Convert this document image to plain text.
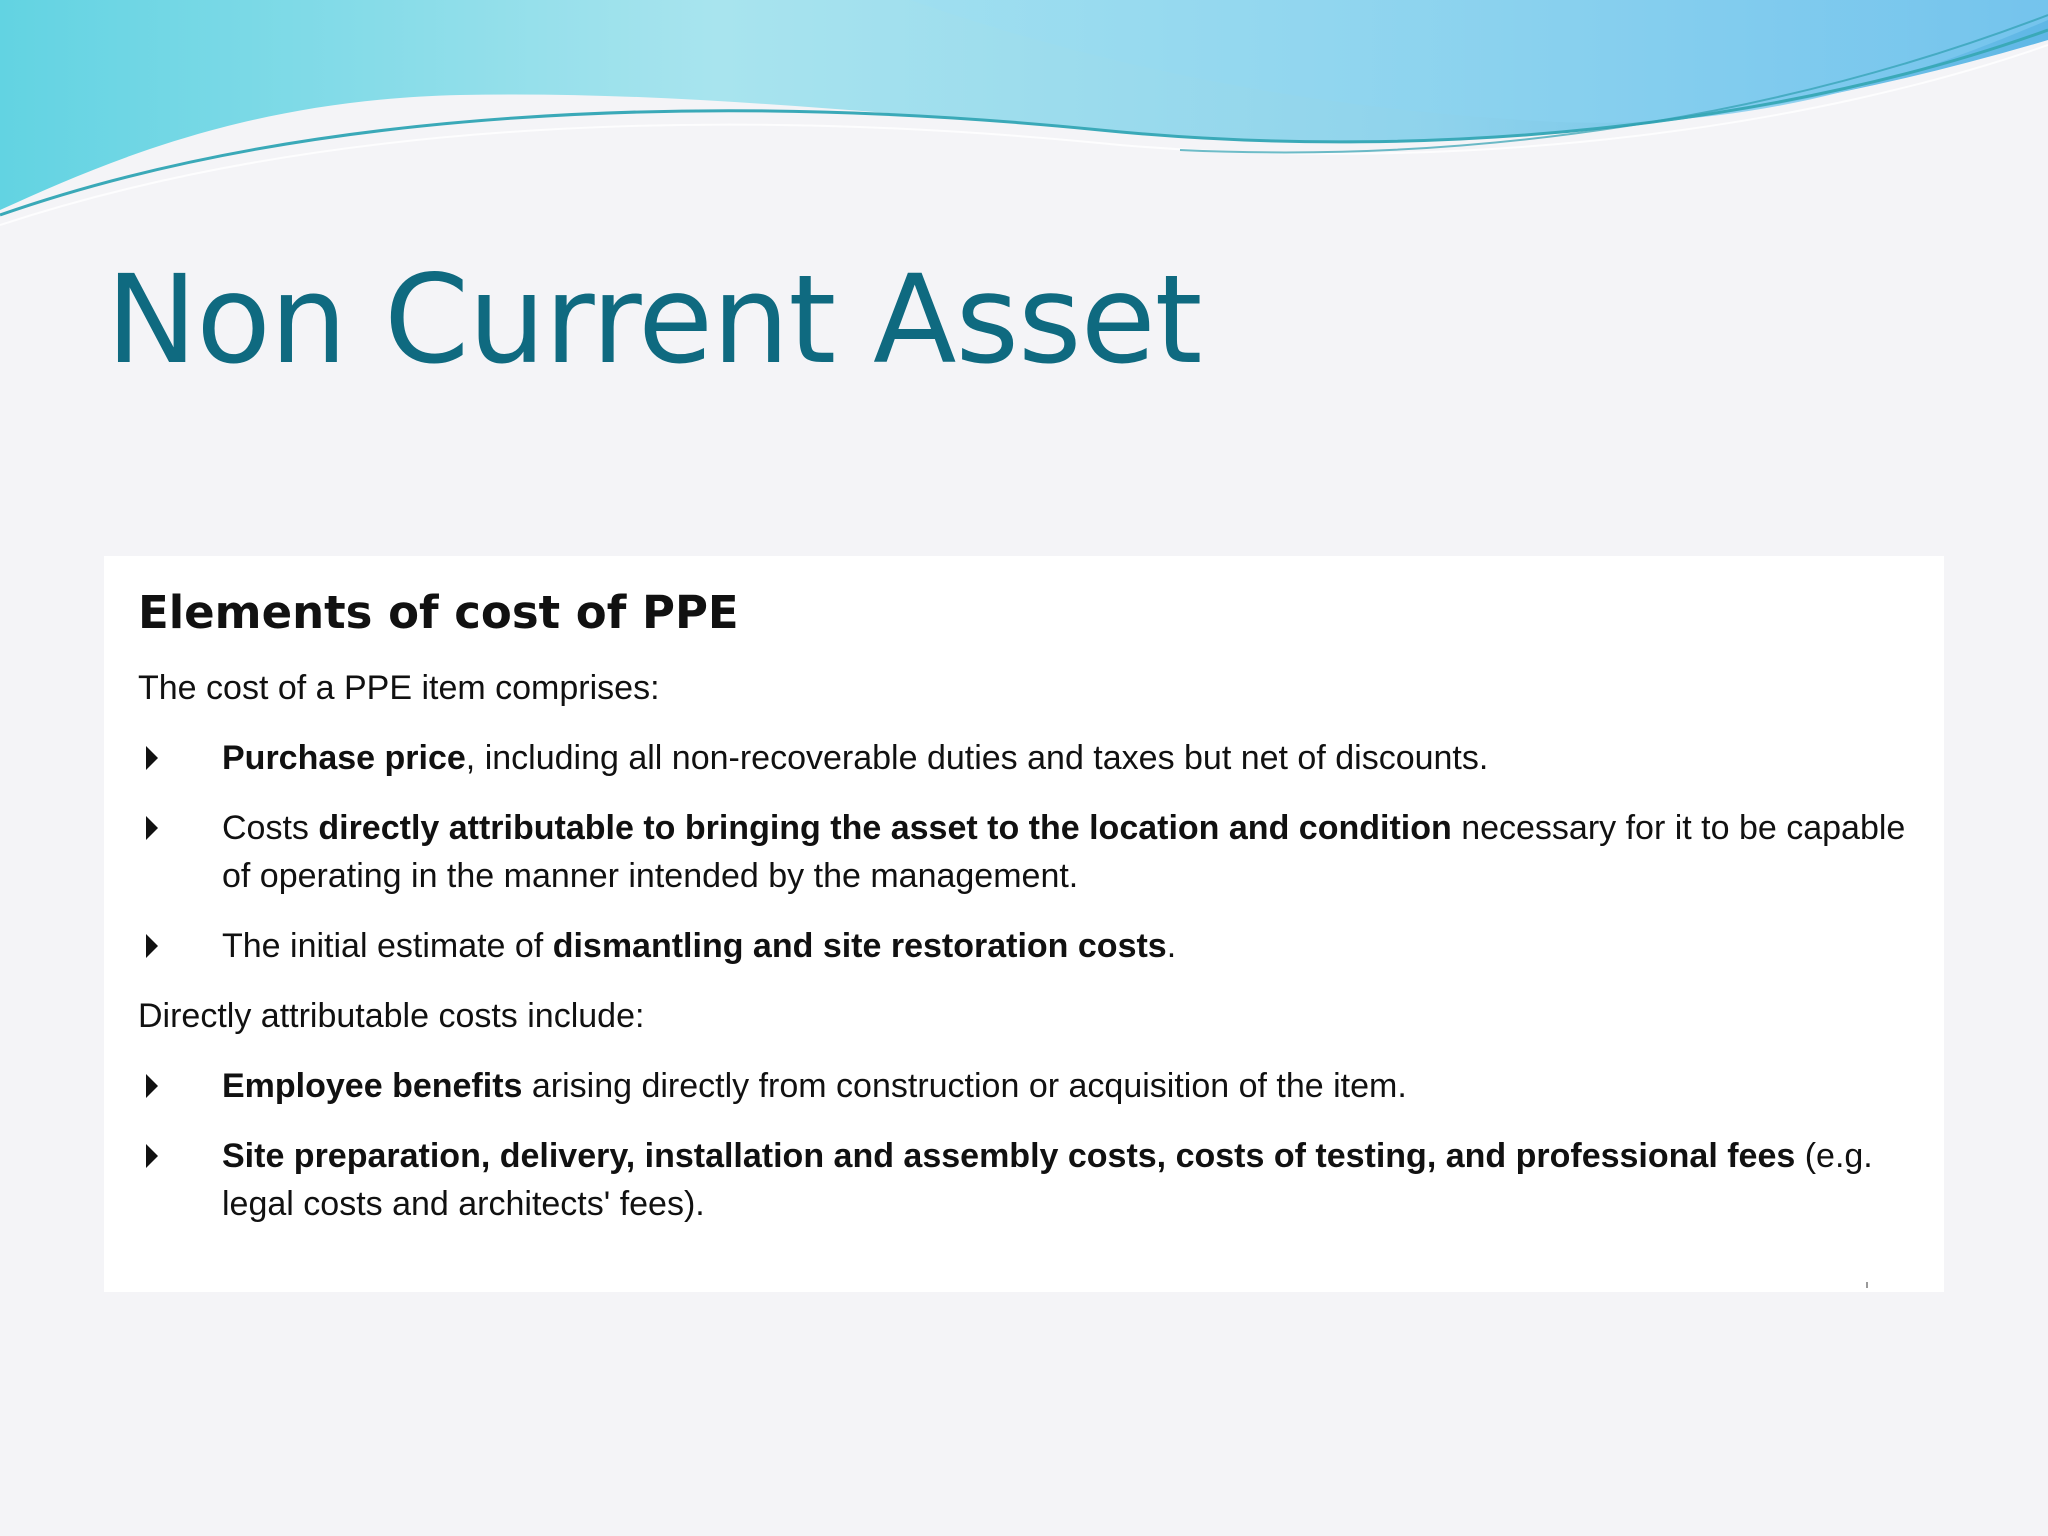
Non Current Asset
Elements of cost of PPE

The cost of a PPE item comprises:

Purchase price, including all non-recoverable duties and taxes but net of discounts.
Costs directly attributable to bringing the asset to the location and condition necessary for it to be capable of operating in the manner intended by the management.
The initial estimate of dismantling and site restoration costs.

Directly attributable costs include:

Employee benefits arising directly from construction or acquisition of the item.
Site preparation, delivery, installation and assembly costs, costs of testing, and professional fees (e.g. legal costs and architects' fees).
